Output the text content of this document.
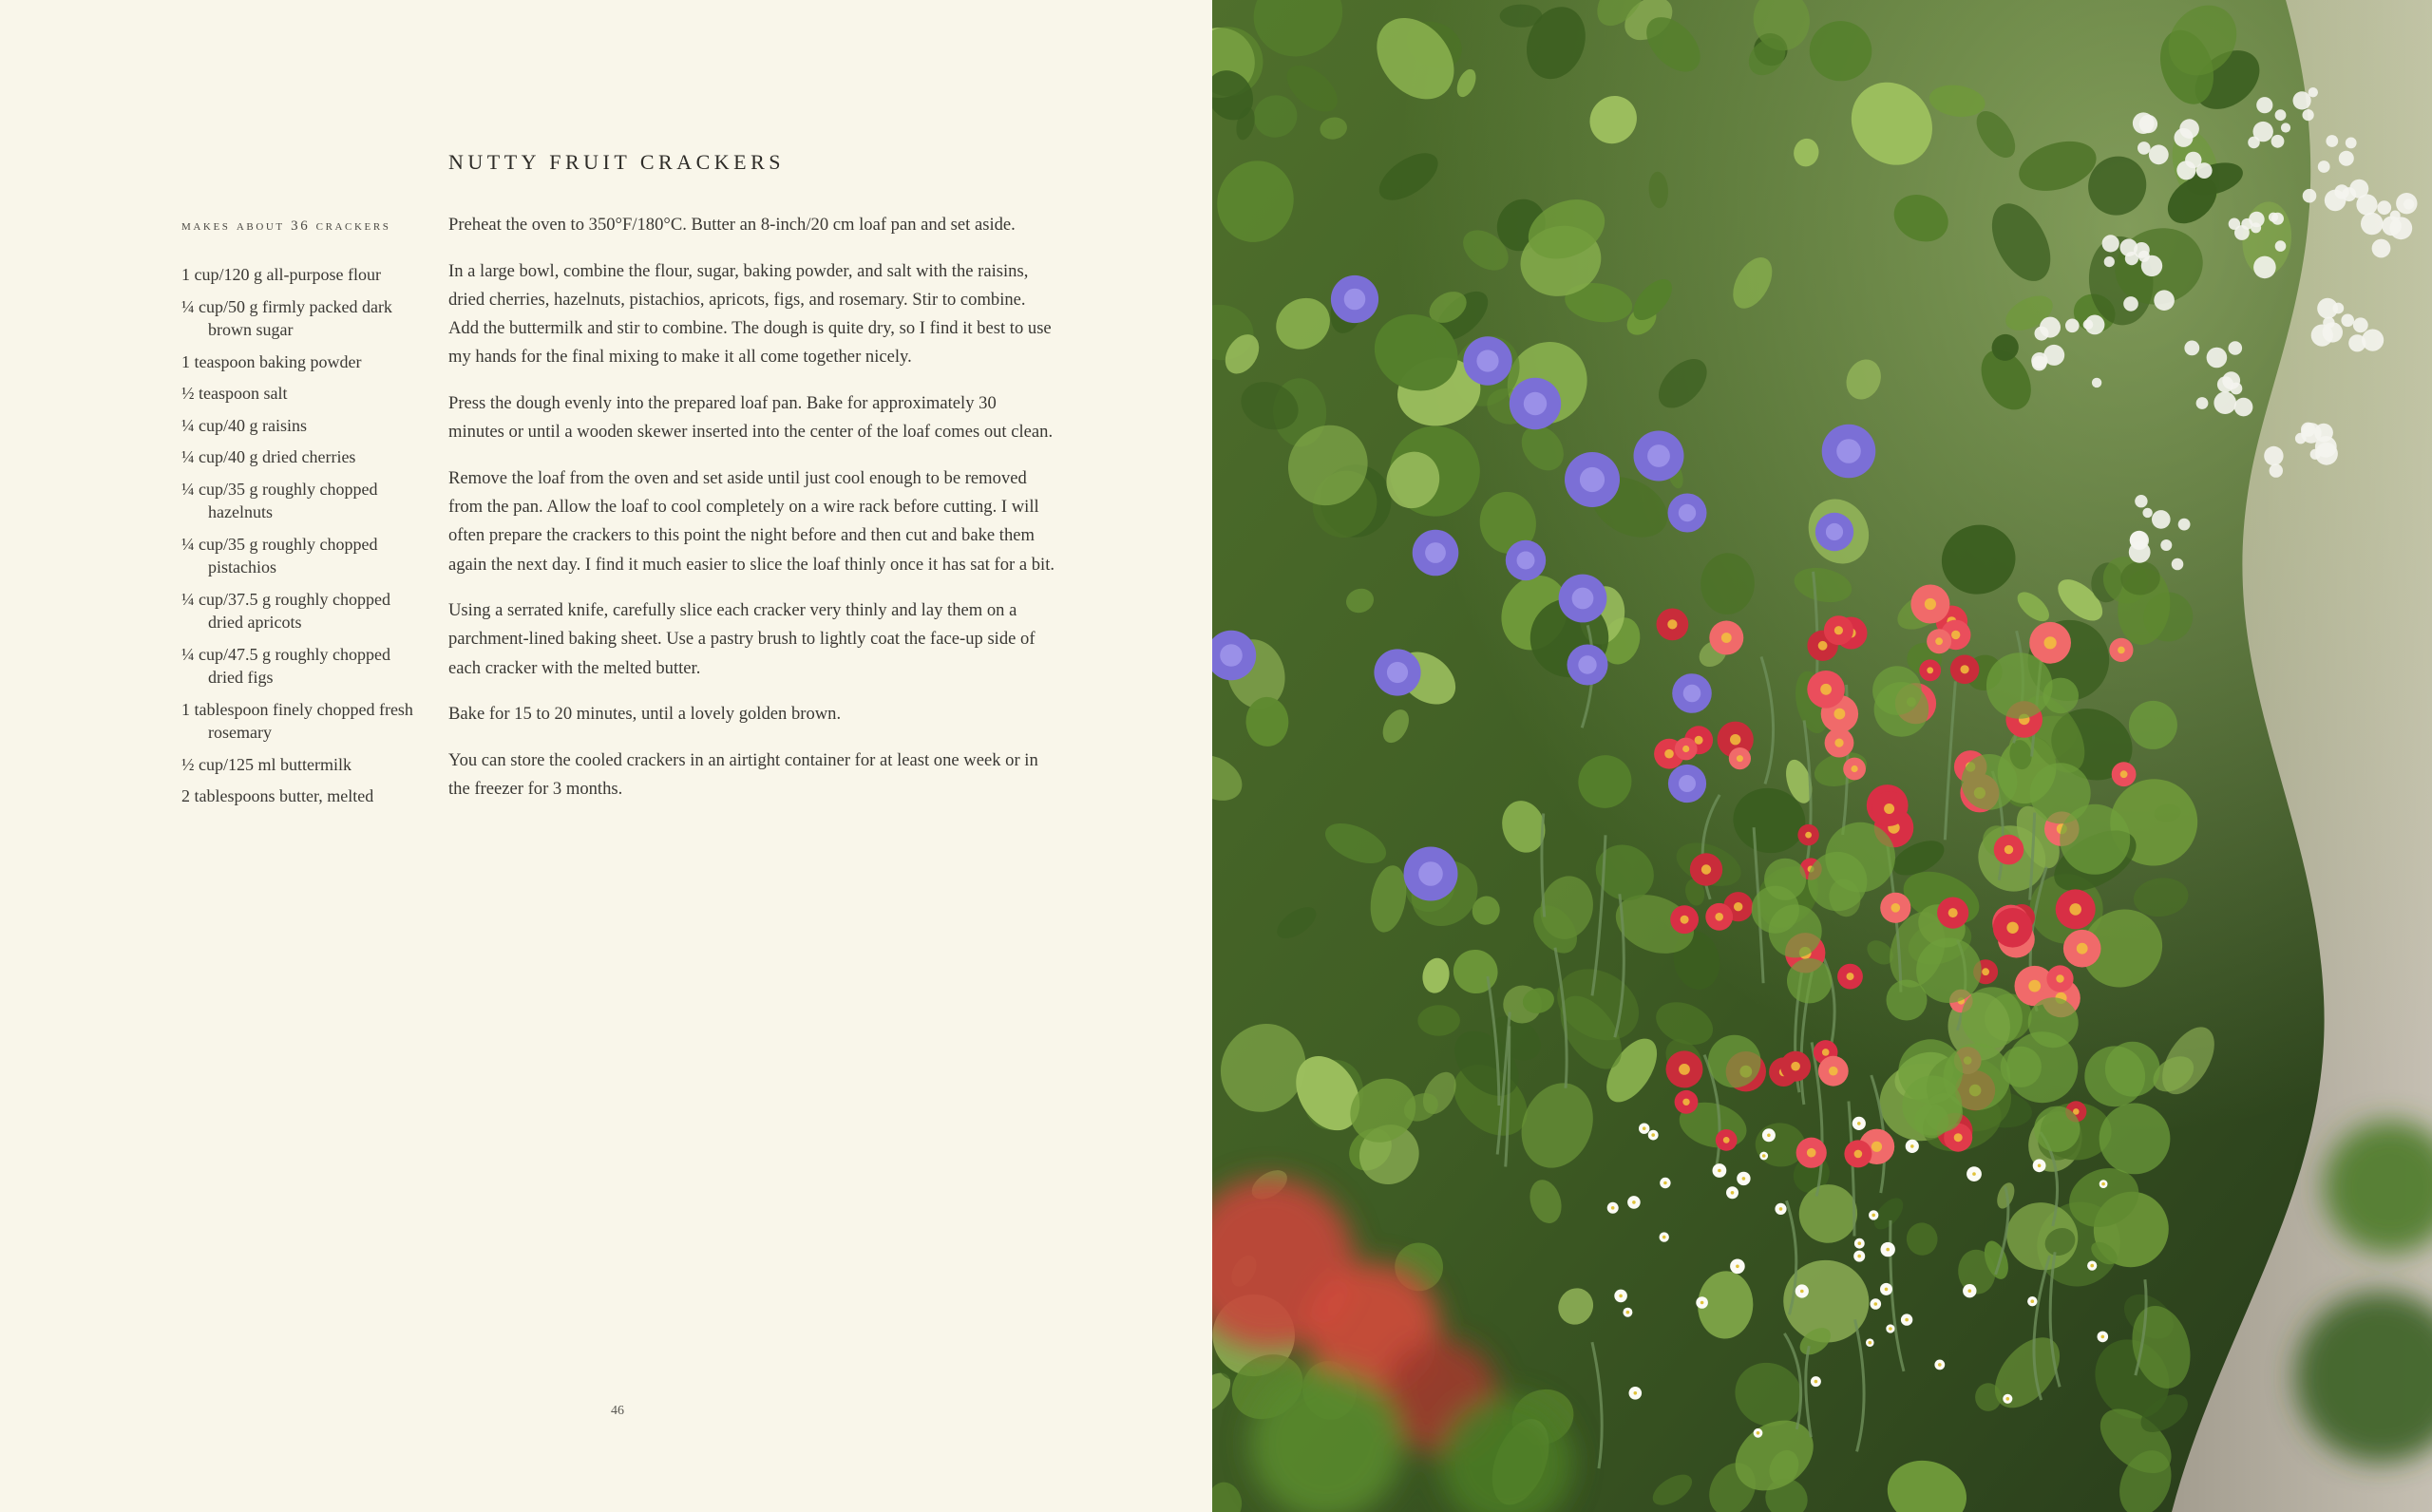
NUTTY FRUIT CRACKERS

makes about 36 crackers

1 cup/120 g all-purpose flour
¼ cup/50 g firmly packed dark brown sugar
1 teaspoon baking powder
½ teaspoon salt
¼ cup/40 g raisins
¼ cup/40 g dried cherries
¼ cup/35 g roughly chopped hazelnuts
¼ cup/35 g roughly chopped pistachios
¼ cup/37.5 g roughly chopped dried apricots
¼ cup/47.5 g roughly chopped dried figs
1 tablespoon finely chopped fresh rosemary
½ cup/125 ml buttermilk
2 tablespoons butter, melted

Preheat the oven to 350°F/180°C. Butter an 8-inch/20 cm loaf pan and set aside.

In a large bowl, combine the flour, sugar, baking powder, and salt with the raisins, dried cherries, hazelnuts, pistachios, apricots, figs, and rosemary. Stir to combine. Add the buttermilk and stir to combine. The dough is quite dry, so I find it best to use my hands for the final mixing to make it all come together nicely.

Press the dough evenly into the prepared loaf pan. Bake for approximately 30 minutes or until a wooden skewer inserted into the center of the loaf comes out clean.

Remove the loaf from the oven and set aside until just cool enough to be removed from the pan. Allow the loaf to cool completely on a wire rack before cutting. I will often prepare the crackers to this point the night before and then cut and bake them again the next day. I find it much easier to slice the loaf thinly once it has sat for a bit.

Using a serrated knife, carefully slice each cracker very thinly and lay them on a parchment-lined baking sheet. Use a pastry brush to lightly coat the face-up side of each cracker with the melted butter.

Bake for 15 to 20 minutes, until a lovely golden brown.

You can store the cooled crackers in an airtight container for at least one week or in the freezer for 3 months.

46
